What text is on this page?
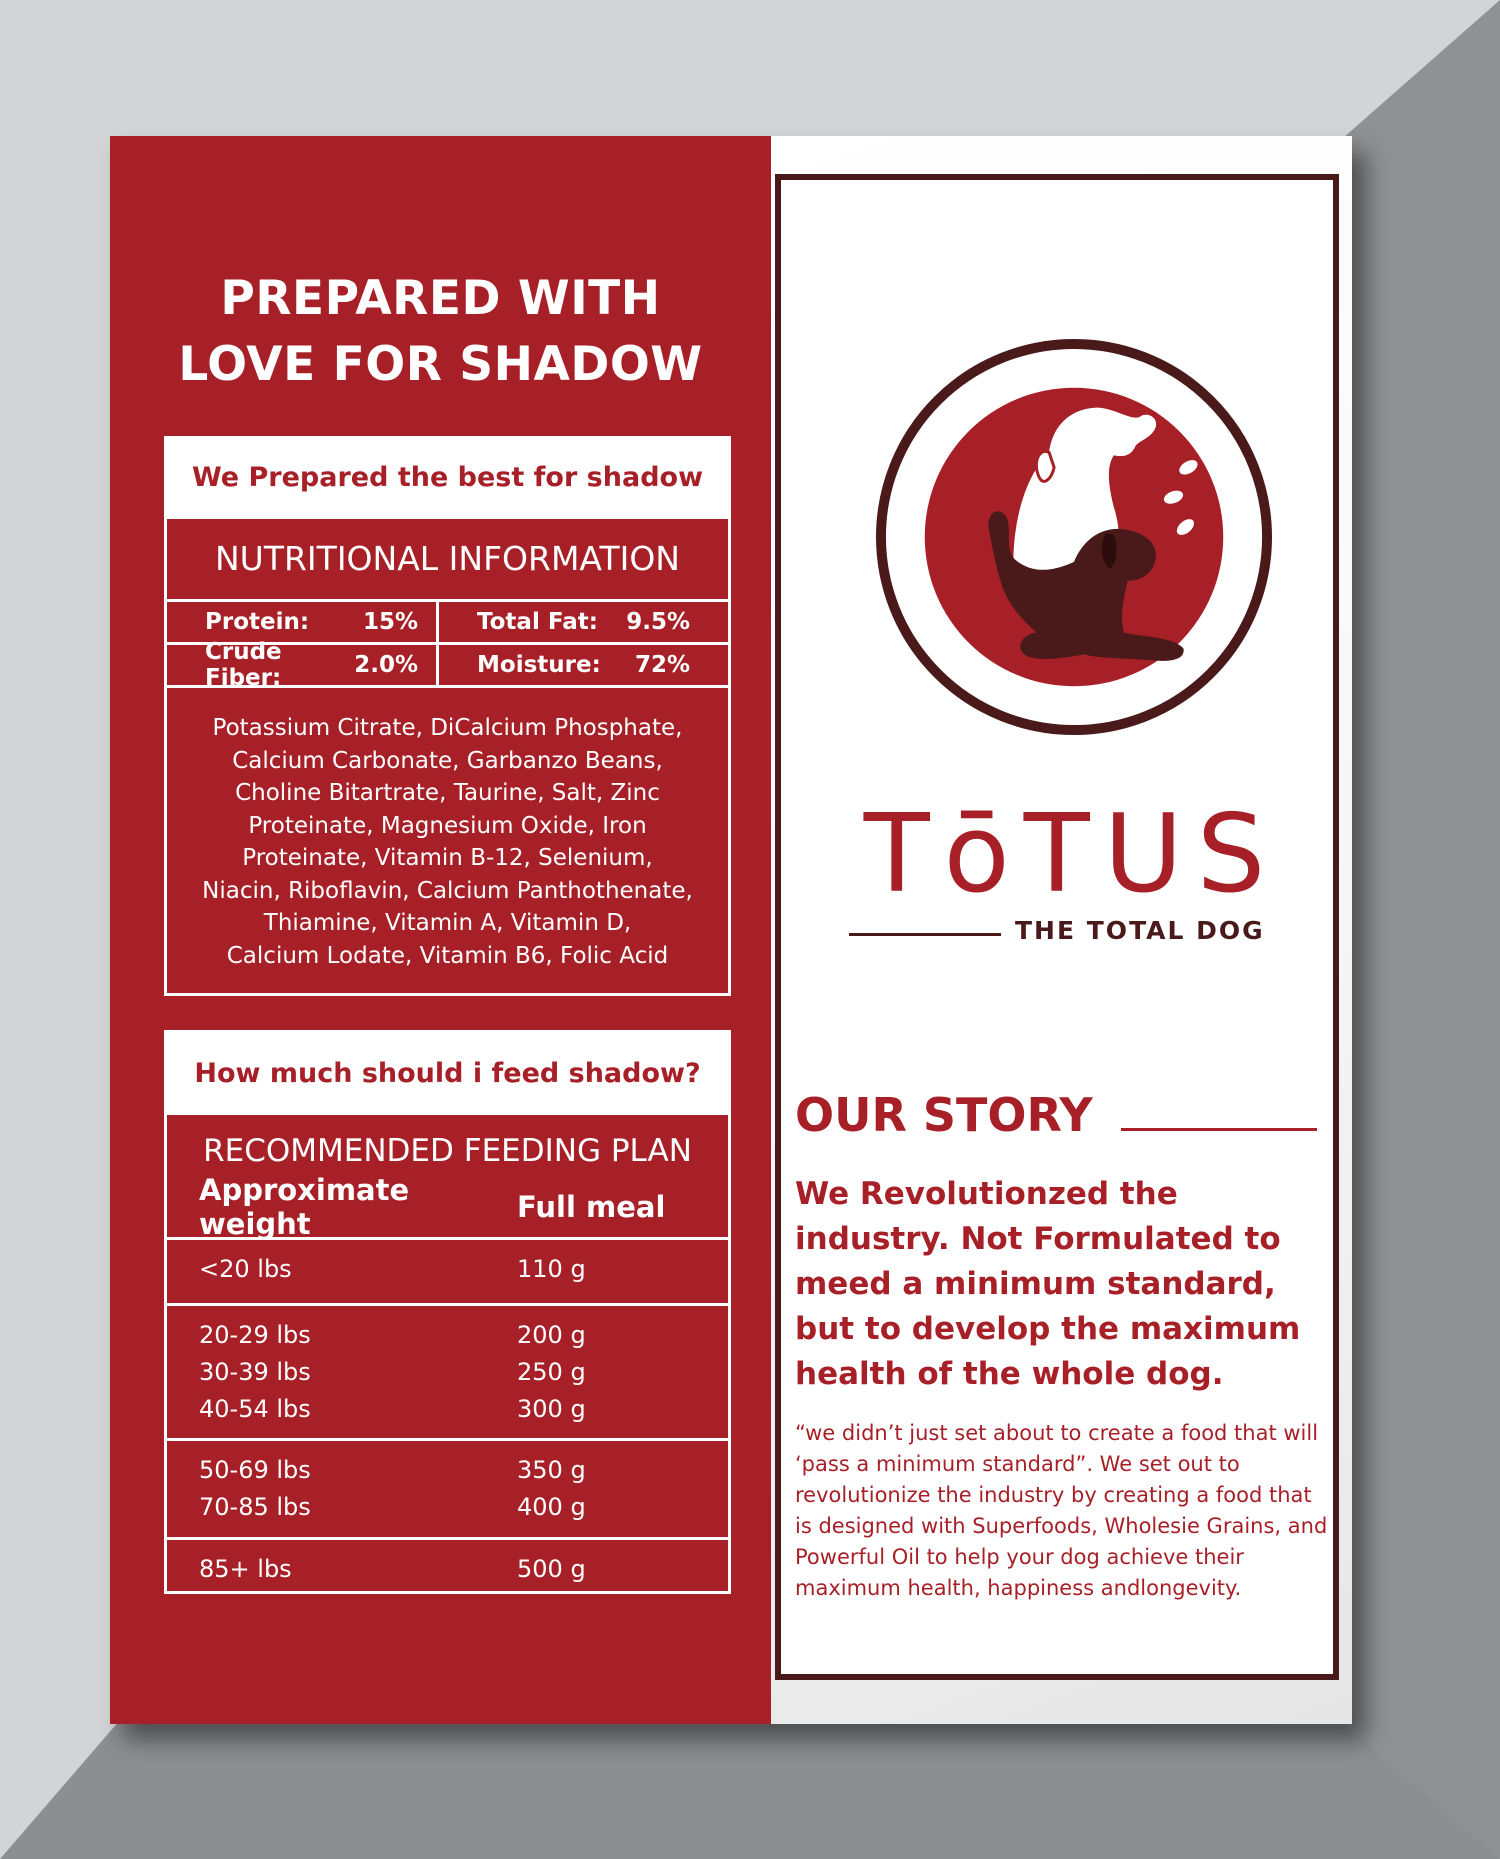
PREPARED WITH
LOVE FOR SHADOW
We Prepared the best for shadow
NUTRITIONAL INFORMATION
Protein: 15%	Total Fat: 9.5%
Crude Fiber:	2.0%	Moisture: 72%
Potassium Citrate, DiCalcium Phosphate,
Calcium Carbonate, Garbanzo Beans,
Choline Bitartrate, Taurine, Salt, Zinc
Proteinate, Magnesium Oxide, Iron
Proteinate, Vitamin B-12, Selenium,
Niacin, Riboflavin, Calcium Panthothenate,
Thiamine, Vitamin A, Vitamin D,
Calcium Lodate, Vitamin B6, Folic Acid
How much should i feed shadow?
RECOMMENDED FEEDING PLAN
Approximate weight	Full meal
<20 lbs	110 g
20-29 lbs	200 g
30-39 lbs	250 g
40-54 lbs	300 g
50-69 lbs	350 g
70-85 lbs	400 g
85+ lbs	500 g
TōTUS
THE TOTAL DOG
OUR STORY
We Revolutionzed the industry. Not Formulated to meed a minimum standard, but to develop the maximum health of the whole dog.
“we didn’t just set about to create a food that will ‘pass a minimum standard”. We set out to revolutionize the industry by creating a food that is designed with Superfoods, Wholesie Grains, and Powerful Oil to help your dog achieve their maximum health, happiness andlongevity.
